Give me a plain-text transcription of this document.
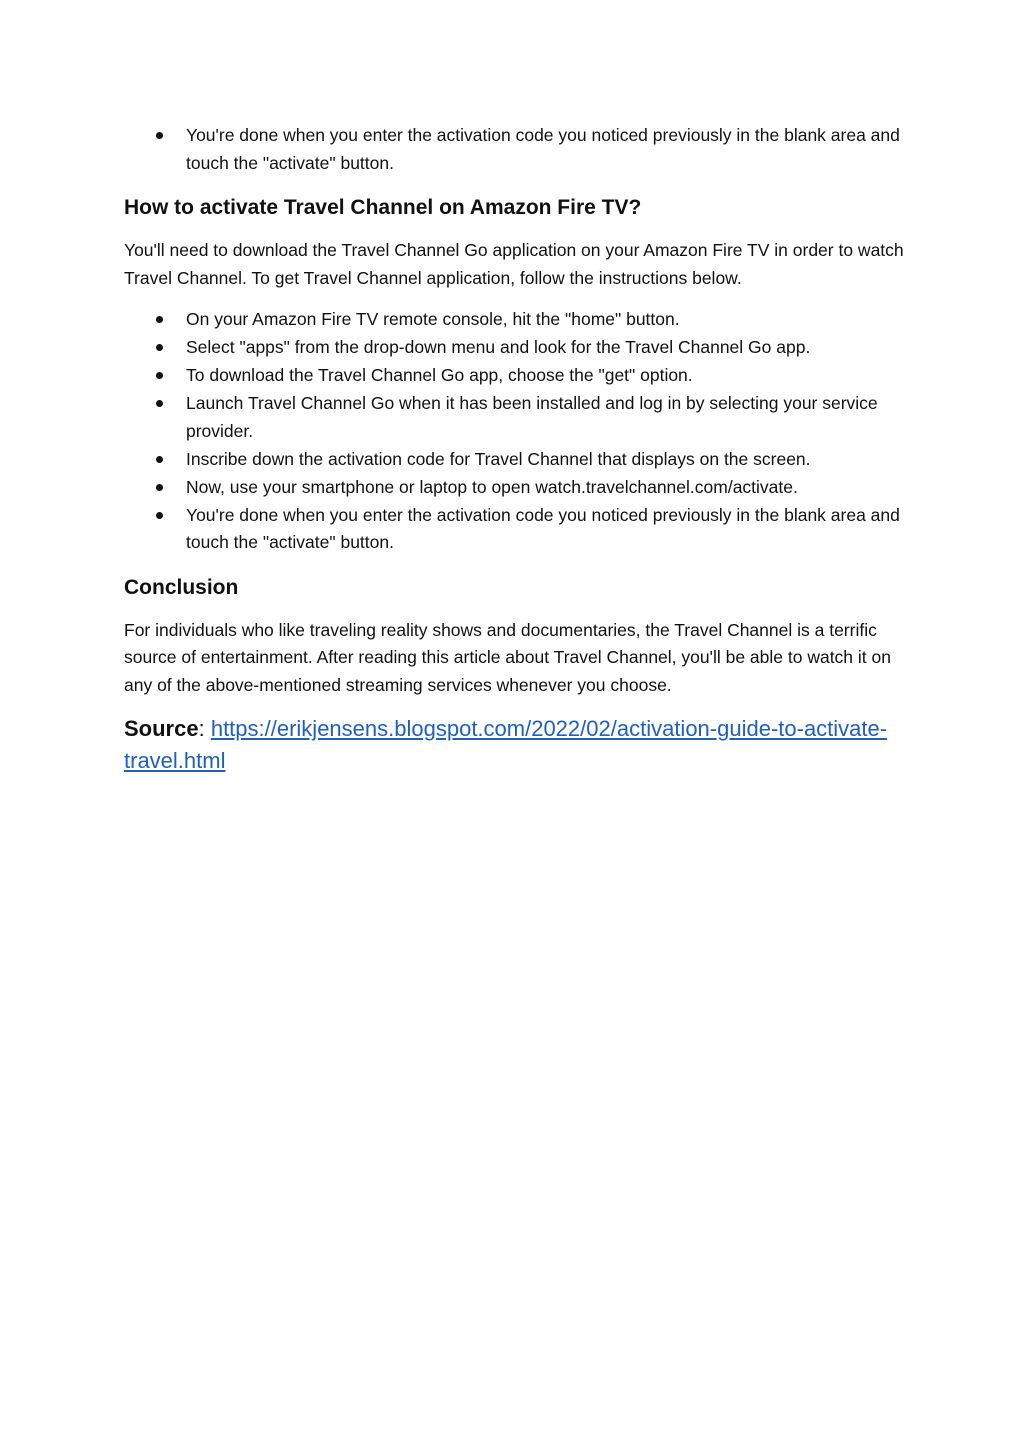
You're done when you enter the activation code you noticed previously in the blank area and touch the "activate" button.
How to activate Travel Channel on Amazon Fire TV?

You'll need to download the Travel Channel Go application on your Amazon Fire TV in order to watch Travel Channel. To get Travel Channel application, follow the instructions below.

On your Amazon Fire TV remote console, hit the "home" button.
Select "apps" from the drop-down menu and look for the Travel Channel Go app.
To download the Travel Channel Go app, choose the "get" option.
Launch Travel Channel Go when it has been installed and log in by selecting your service provider.
Inscribe down the activation code for Travel Channel that displays on the screen.
Now, use your smartphone or laptop to open watch.travelchannel.com/activate.
You're done when you enter the activation code you noticed previously in the blank area and touch the "activate" button.
Conclusion

For individuals who like traveling reality shows and documentaries, the Travel Channel is a terrific source of entertainment. After reading this article about Travel Channel, you'll be able to watch it on any of the above-mentioned streaming services whenever you choose.

Source: https://erikjensens.blogspot.com/2022/02/activation-guide-to-activate-travel.html
